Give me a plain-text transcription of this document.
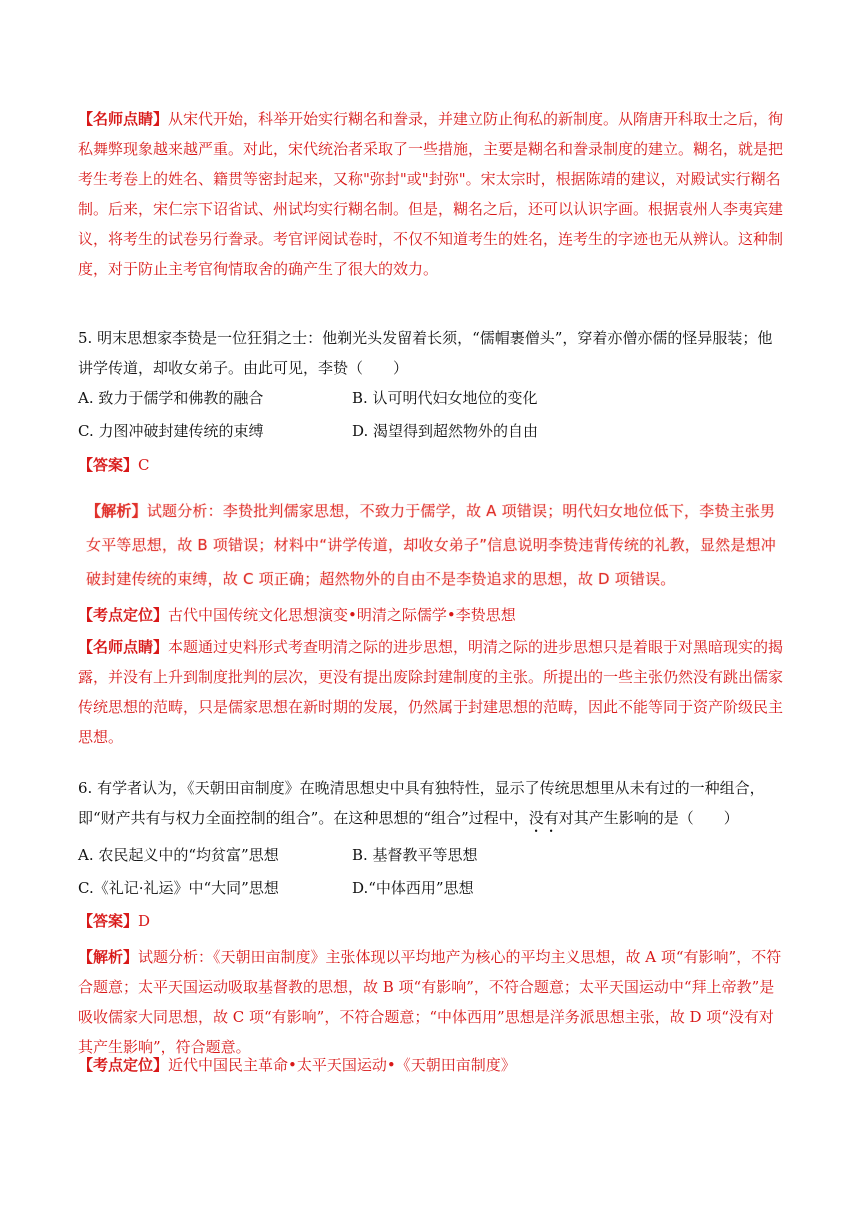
【名师点睛】从宋代开始，科举开始实行糊名和誊录，并建立防止徇私的新制度。从隋唐开科取士之后，徇私舞弊现象越来越严重。对此，宋代统治者采取了一些措施，主要是糊名和誊录制度的建立。糊名，就是把考生考卷上的姓名、籍贯等密封起来，又称"弥封"或"封弥"。宋太宗时，根据陈靖的建议，对殿试实行糊名制。后来，宋仁宗下诏省试、州试均实行糊名制。但是，糊名之后，还可以认识字画。根据袁州人李夷宾建议，将考生的试卷另行誊录。考官评阅试卷时，不仅不知道考生的姓名，连考生的字迹也无从辨认。这种制度，对于防止主考官徇情取舍的确产生了很大的效力。
5. 明末思想家李贽是一位狂狷之士：他剃光头发留着长须，“儒帽裹僧头”，穿着亦僧亦儒的怪异服装；他讲学传道，却收女弟子。由此可见，李贽（　　）
A. 致力于儒学和佛教的融合	B. 认可明代妇女地位的变化
C. 力图冲破封建传统的束缚	D. 渴望得到超然物外的自由
【答案】C
【解析】试题分析：李贽批判儒家思想，不致力于儒学，故 A 项错误；明代妇女地位低下，李贽主张男女平等思想，故 B 项错误；材料中“讲学传道，却收女弟子”信息说明李贽违背传统的礼教，显然是想冲破封建传统的束缚，故 C 项正确；超然物外的自由不是李贽追求的思想，故 D 项错误。
【考点定位】古代中国传统文化思想演变•明清之际儒学•李贽思想
【名师点睛】本题通过史料形式考查明清之际的进步思想，明清之际的进步思想只是着眼于对黑暗现实的揭露，并没有上升到制度批判的层次，更没有提出废除封建制度的主张。所提出的一些主张仍然没有跳出儒家传统思想的范畴，只是儒家思想在新时期的发展，仍然属于封建思想的范畴，因此不能等同于资产阶级民主思想。
6. 有学者认为，《天朝田亩制度》在晚清思想史中具有独特性，显示了传统思想里从未有过的一种组合，即“财产共有与权力全面控制的组合”。在这种思想的“组合”过程中，没有对其产生影响的是（　　）
A. 农民起义中的“均贫富”思想	B. 基督教平等思想
C.《礼记·礼运》中“大同”思想	D.“中体西用”思想
【答案】D
【解析】试题分析：《天朝田亩制度》主张体现以平均地产为核心的平均主义思想，故 A 项“有影响”，不符合题意；太平天国运动吸取基督教的思想，故 B 项“有影响”，不符合题意；太平天国运动中“拜上帝教”是吸收儒家大同思想，故 C 项“有影响”，不符合题意；“中体西用”思想是洋务派思想主张，故 D 项“没有对其产生影响”，符合题意。
【考点定位】近代中国民主革命•太平天国运动•《天朝田亩制度》
